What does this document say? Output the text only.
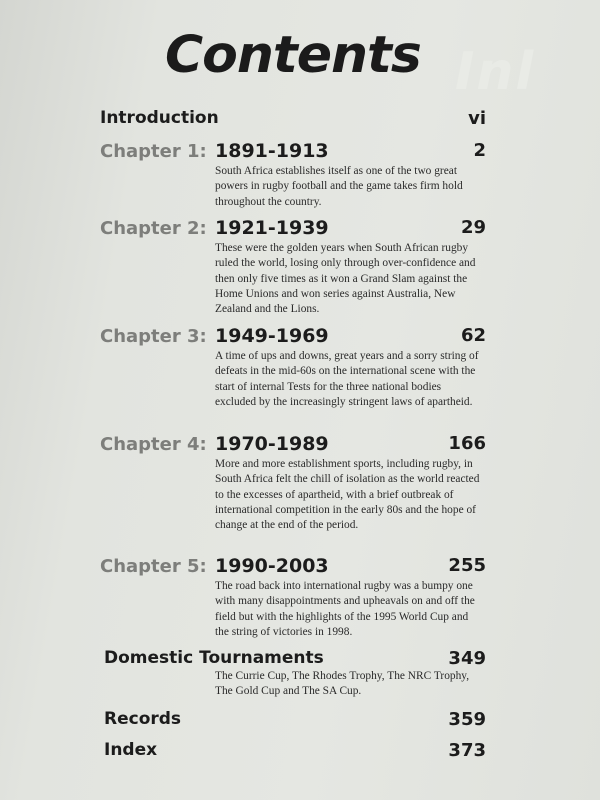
Inl
Contents
Introduction	vi
Chapter 1: 1891-1913	2
South Africa establishes itself as one of the two great powers in rugby football and the game takes firm hold throughout the country.
Chapter 2: 1921-1939	29
These were the golden years when South African rugby ruled the world, losing only through over-confidence and then only five times as it won a Grand Slam against the Home Unions and won series against Australia, New Zealand and the Lions.
Chapter 3: 1949-1969	62
A time of ups and downs, great years and a sorry string of defeats in the mid-60s on the international scene with the start of internal Tests for the three national bodies excluded by the increasingly stringent laws of apartheid.
Chapter 4: 1970-1989	166
More and more establishment sports, including rugby, in South Africa felt the chill of isolation as the world reacted to the excesses of apartheid, with a brief outbreak of international competition in the early 80s and the hope of change at the end of the period.
Chapter 5: 1990-2003	255
The road back into international rugby was a bumpy one with many disappointments and upheavals on and off the field but with the highlights of the 1995 World Cup and the string of victories in 1998.
Domestic Tournaments	349
The Currie Cup, The Rhodes Trophy, The NRC Trophy, The Gold Cup and The SA Cup.
Records	359
Index	373
